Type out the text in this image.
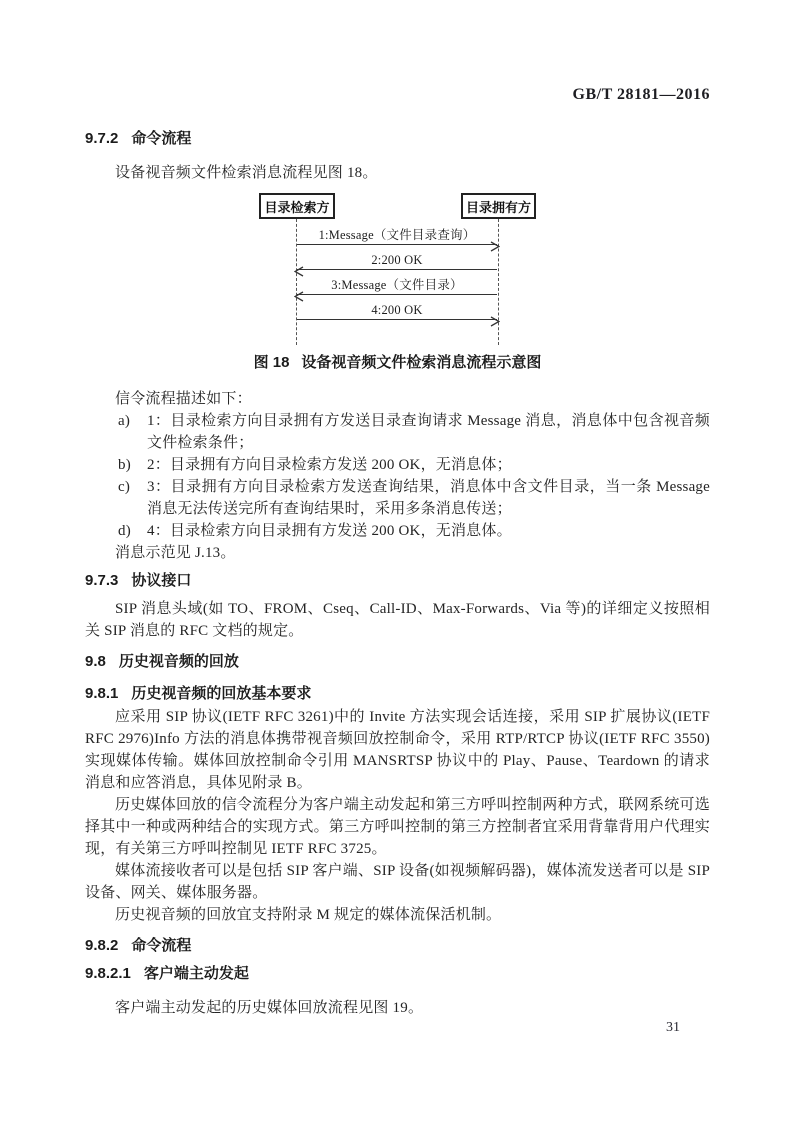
GB/T 28181—2016
9.7.2 命令流程

设备视音频文件检索消息流程见图 18。

目录检索方	目录拥有方
1:Message（文件目录查询）
2:200 OK
3:Message（文件目录）
4:200 OK
图 18 设备视音频文件检索消息流程示意图

信令流程描述如下：

a) 1：目录检索方向目录拥有方发送目录查询请求 Message 消息，消息体中包含视音频文件检索条件；
b) 2：目录拥有方向目录检索方发送 200 OK，无消息体；
c) 3：目录拥有方向目录检索方发送查询结果，消息体中含文件目录，当一条 Message 消息无法传送完所有查询结果时，采用多条消息传送；
d) 4：目录检索方向目录拥有方发送 200 OK，无消息体。

消息示范见 J.13。

9.7.3 协议接口

SIP 消息头域(如 TO、FROM、Cseq、Call-ID、Max-Forwards、Via 等)的详细定义按照相关 SIP 消息的 RFC 文档的规定。

9.8 历史视音频的回放
9.8.1 历史视音频的回放基本要求

应采用 SIP 协议(IETF RFC 3261)中的 Invite 方法实现会话连接，采用 SIP 扩展协议(IETF RFC 2976)Info 方法的消息体携带视音频回放控制命令，采用 RTP/RTCP 协议(IETF RFC 3550)实现媒体传输。媒体回放控制命令引用 MANSRTSP 协议中的 Play、Pause、Teardown 的请求消息和应答消息，具体见附录 B。

历史媒体回放的信令流程分为客户端主动发起和第三方呼叫控制两种方式，联网系统可选择其中一种或两种结合的实现方式。第三方呼叫控制的第三方控制者宜采用背靠背用户代理实现，有关第三方呼叫控制见 IETF RFC 3725。

媒体流接收者可以是包括 SIP 客户端、SIP 设备(如视频解码器)，媒体流发送者可以是 SIP 设备、网关、媒体服务器。

历史视音频的回放宜支持附录 M 规定的媒体流保活机制。

9.8.2 命令流程
9.8.2.1 客户端主动发起

客户端主动发起的历史媒体回放流程见图 19。

31
